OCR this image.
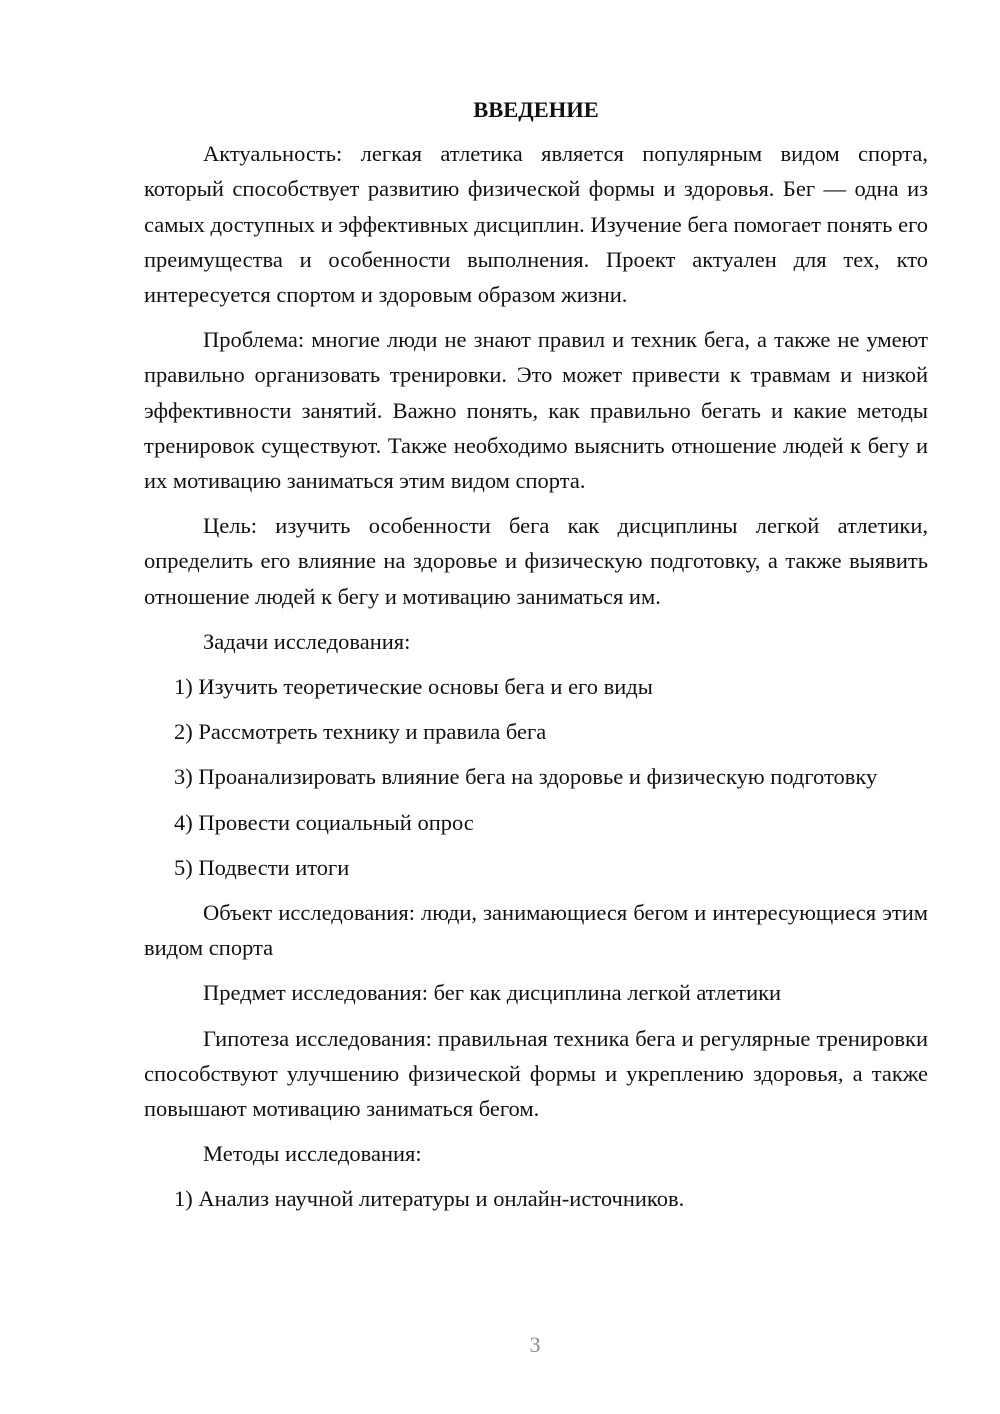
ВВЕДЕНИЕ

Актуальность: легкая атлетика является популярным видом спорта, который способствует развитию физической формы и здоровья. Бег — одна из самых доступных и эффективных дисциплин. Изучение бега помогает понять его преимущества и особенности выполнения. Проект актуален для тех, кто интересуется спортом и здоровым образом жизни.

Проблема: многие люди не знают правил и техник бега, а также не умеют правильно организовать тренировки. Это может привести к травмам и низкой эффективности занятий. Важно понять, как правильно бегать и какие методы тренировок существуют. Также необходимо выяснить отношение людей к бегу и их мотивацию заниматься этим видом спорта.

Цель: изучить особенности бега как дисциплины легкой атлетики, определить его влияние на здоровье и физическую подготовку, а также выявить отношение людей к бегу и мотивацию заниматься им.

Задачи исследования:

1) Изучить теоретические основы бега и его виды

2) Рассмотреть технику и правила бега

3) Проанализировать влияние бега на здоровье и физическую подготовку

4) Провести социальный опрос

5) Подвести итоги

Объект исследования: люди, занимающиеся бегом и интересующиеся этим видом спорта

Предмет исследования: бег как дисциплина легкой атлетики

Гипотеза исследования: правильная техника бега и регулярные тренировки способствуют улучшению физической формы и укреплению здоровья, а также повышают мотивацию заниматься бегом.

Методы исследования:

1) Анализ научной литературы и онлайн-источников.

3
